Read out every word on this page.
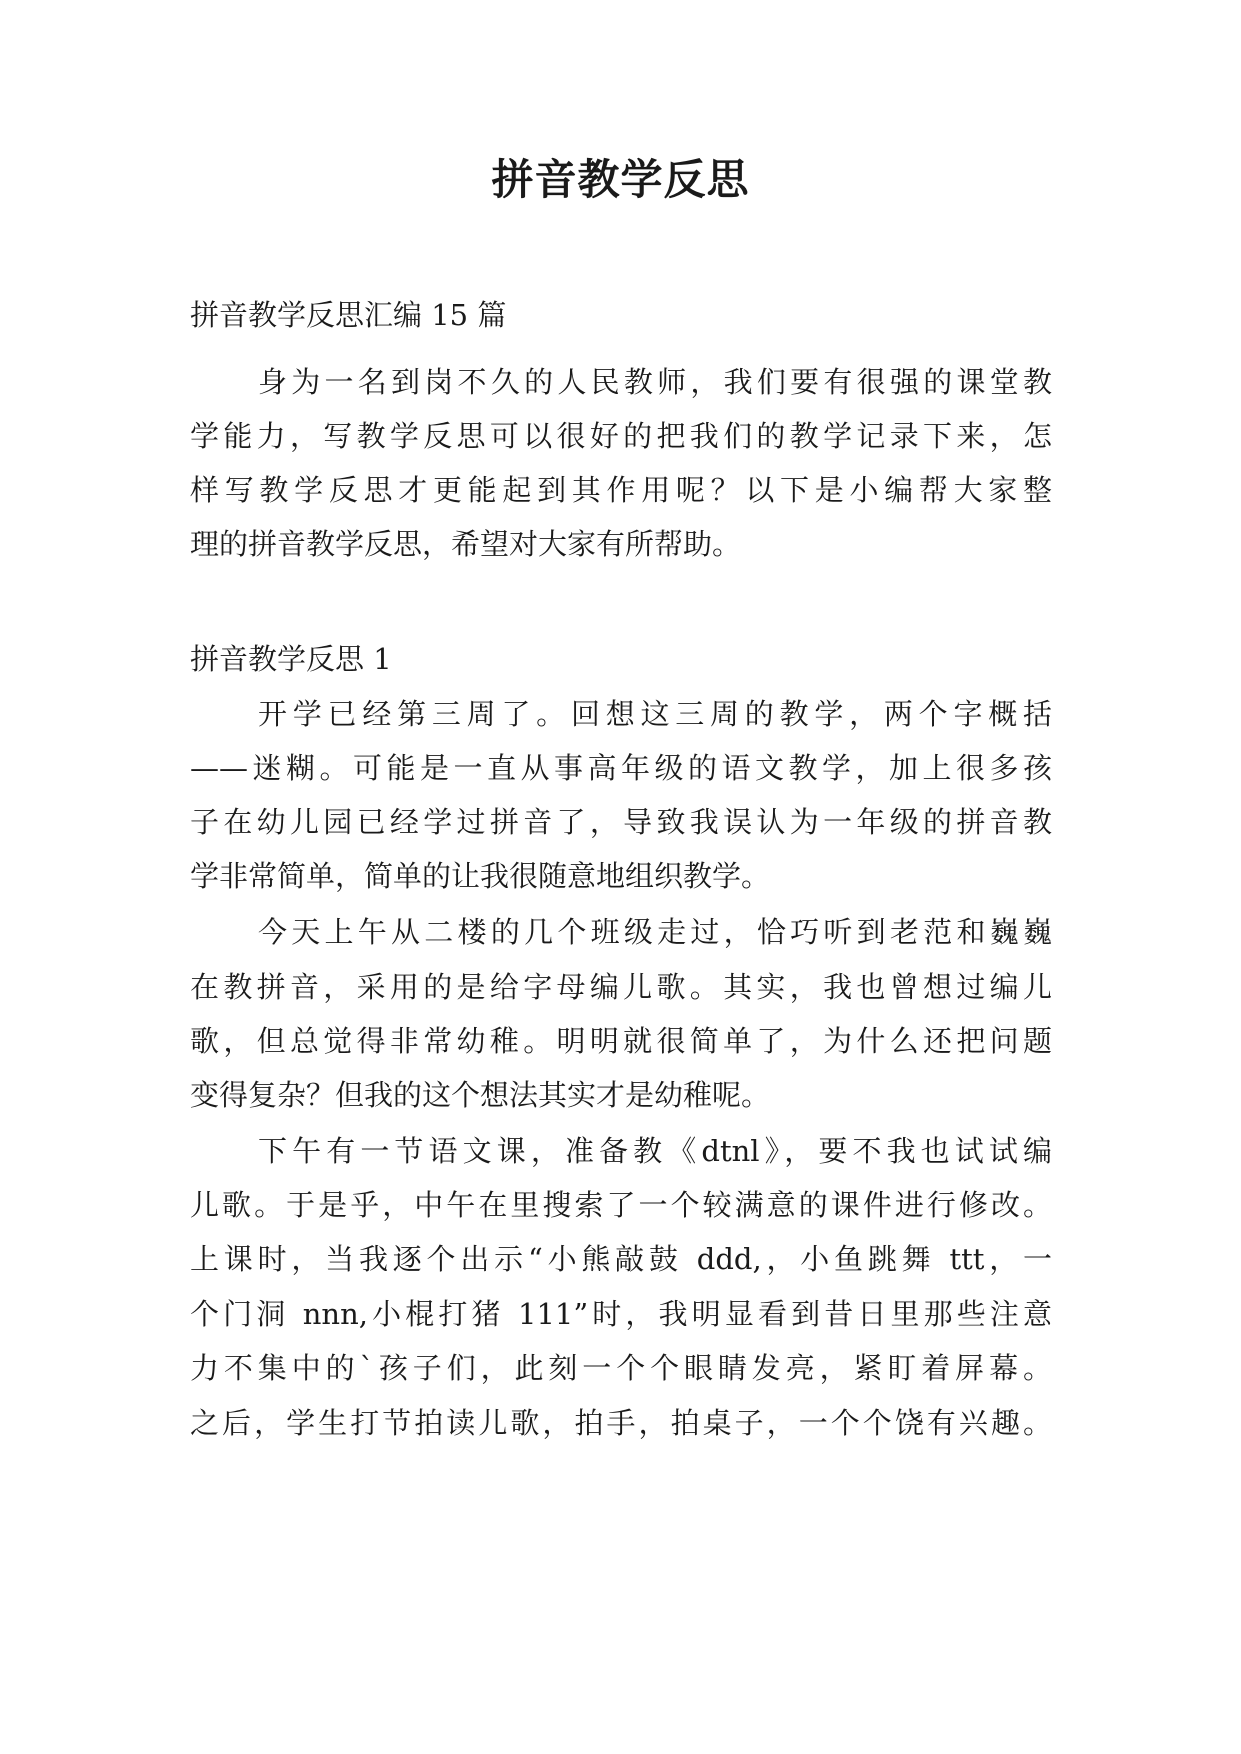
拼音教学反思
拼音教学反思汇编 15 篇
身为一名到岗不久的人民教师，我们要有很强的课堂教
学能力，写教学反思可以很好的把我们的教学记录下来，怎
样写教学反思才更能起到其作用呢？以下是小编帮大家整
理的拼音教学反思，希望对大家有所帮助。
拼音教学反思 1
开学已经第三周了。回想这三周的教学，两个字概括
——迷糊。可能是一直从事高年级的语文教学，加上很多孩
子在幼儿园已经学过拼音了，导致我误认为一年级的拼音教
学非常简单，简单的让我很随意地组织教学。
今天上午从二楼的几个班级走过，恰巧听到老范和巍巍
在教拼音，采用的是给字母编儿歌。其实，我也曾想过编儿
歌，但总觉得非常幼稚。明明就很简单了，为什么还把问题
变得复杂？但我的这个想法其实才是幼稚呢。
下午有一节语文课，准备教《dtnl》，要不我也试试编
儿歌。于是乎，中午在里搜索了一个较满意的课件进行修改。
上课时，当我逐个出示“小熊敲鼓 ddd,，小鱼跳舞 ttt，一
个门洞 nnn,小棍打猪 111”时，我明显看到昔日里那些注意
力不集中的`孩子们，此刻一个个眼睛发亮，紧盯着屏幕。
之后，学生打节拍读儿歌，拍手，拍桌子，一个个饶有兴趣。
